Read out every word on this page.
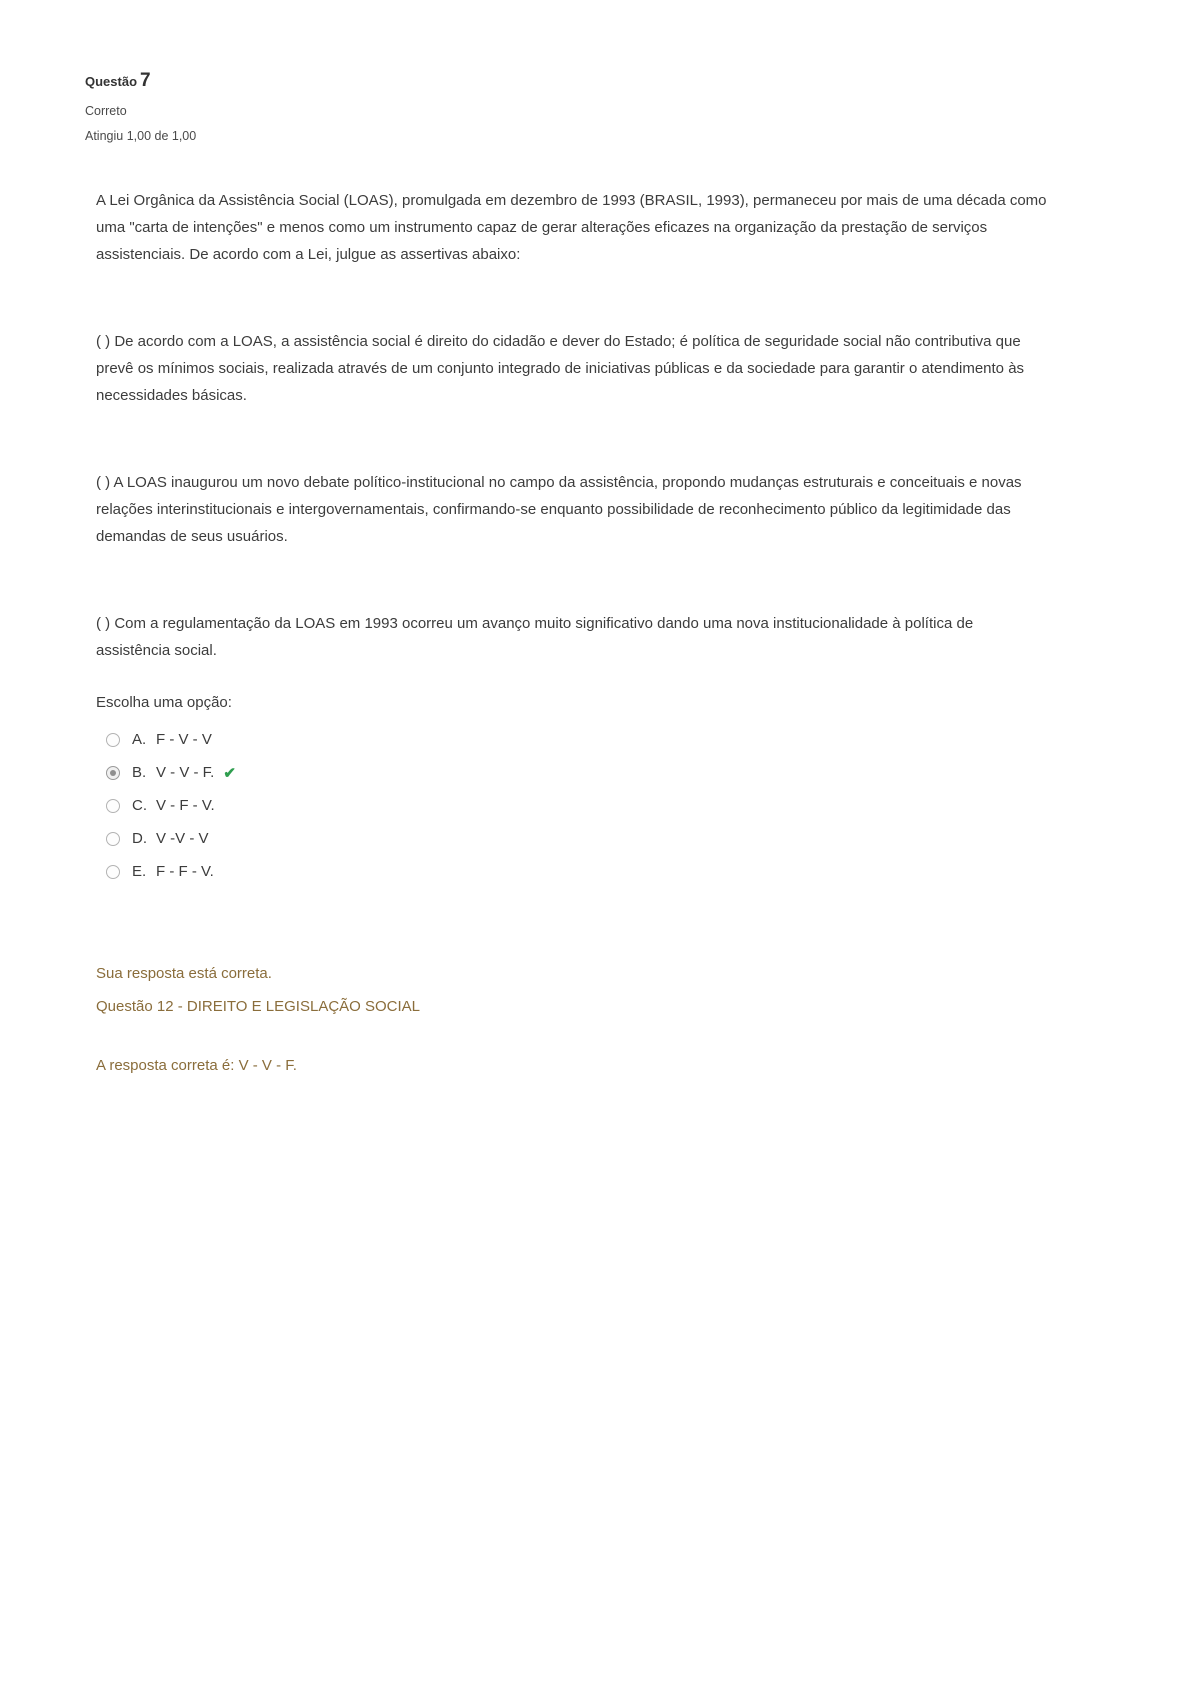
Questão 7
Correto
Atingiu 1,00 de 1,00
A Lei Orgânica da Assistência Social (LOAS), promulgada em dezembro de 1993 (BRASIL, 1993), permaneceu por mais de uma década como uma "carta de intenções" e menos como um instrumento capaz de gerar alterações eficazes na organização da prestação de serviços assistenciais. De acordo com a Lei, julgue as assertivas abaixo:
( ) De acordo com a LOAS, a assistência social é direito do cidadão e dever do Estado; é política de seguridade social não contributiva que prevê os mínimos sociais, realizada através de um conjunto integrado de iniciativas públicas e da sociedade para garantir o atendimento às necessidades básicas.
( ) A LOAS inaugurou um novo debate político-institucional no campo da assistência, propondo mudanças estruturais e conceituais e novas relações interinstitucionais e intergovernamentais, confirmando-se enquanto possibilidade de reconhecimento público da legitimidade das demandas de seus usuários.
( ) Com a regulamentação da LOAS em 1993 ocorreu um avanço muito significativo dando uma nova institucionalidade à política de assistência social.
Escolha uma opção:
A. F - V - V
B. V - V - F. ✔
C. V - F - V.
D. V -V - V
E. F - F - V.
Sua resposta está correta.
Questão 12 - DIREITO E LEGISLAÇÃO SOCIAL
A resposta correta é: V - V - F.
